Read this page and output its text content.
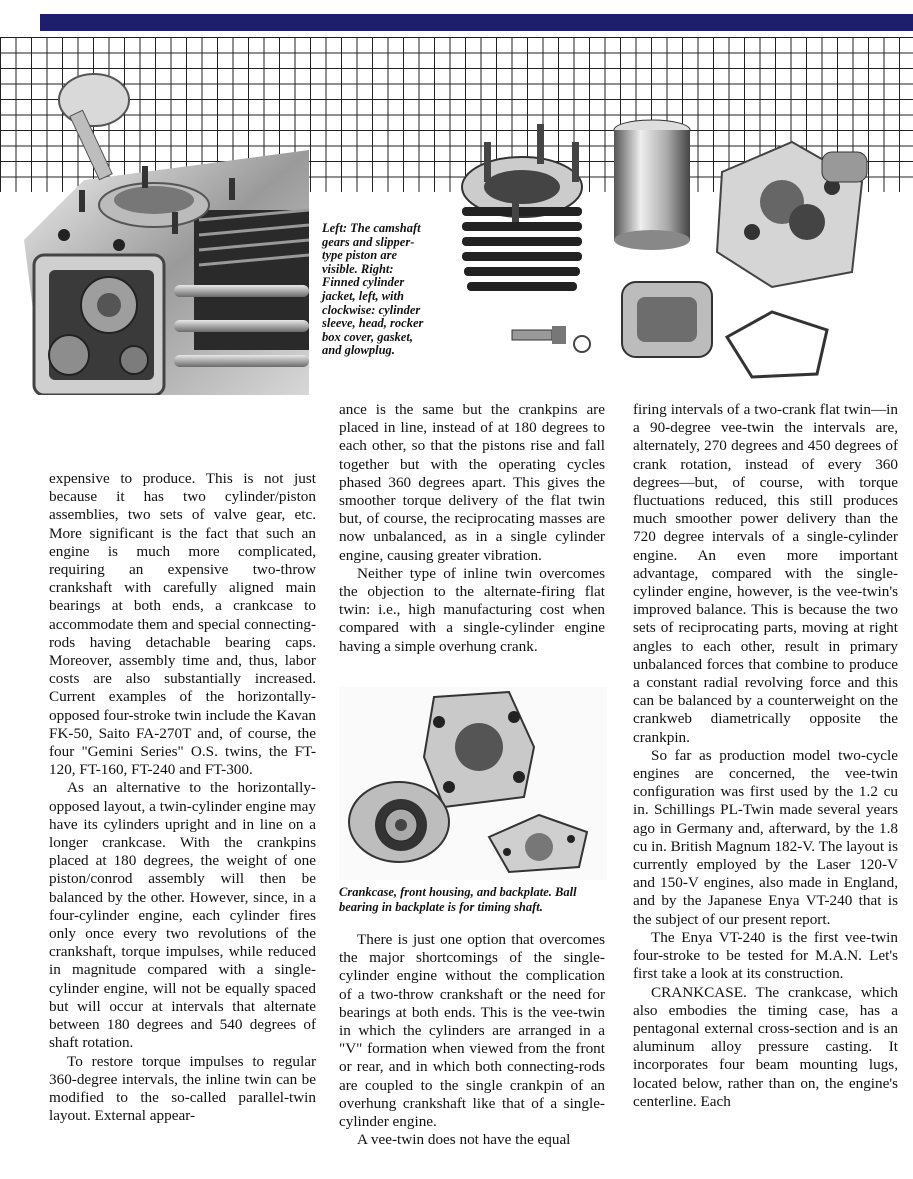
Left: The camshaft gears and slipper-type piston are visible. Right: Finned cylinder jacket, left, with clockwise: cylinder sleeve, head, rocker box cover, gasket, and glowplug.
Crankcase, front housing, and backplate. Ball bearing in backplate is for timing shaft.

expensive to produce. This is not just because it has two cylinder/piston assemblies, two sets of valve gear, etc. More significant is the fact that such an engine is much more complicated, requiring an expensive two-throw crankshaft with carefully aligned main bearings at both ends, a crankcase to accommodate them and special connecting-rods having detachable bearing caps. Moreover, assembly time and, thus, labor costs are also substantially increased. Current examples of the horizontally-opposed four-stroke twin include the Kavan FK-50, Saito FA-270T and, of course, the four "Gemini Series" O.S. twins, the FT-120, FT-160, FT-240 and FT-300.

As an alternative to the horizontally-opposed layout, a twin-cylinder engine may have its cylinders upright and in line on a longer crankcase. With the crankpins placed at 180 degrees, the weight of one piston/conrod assembly will then be balanced by the other. However, since, in a four-cylinder engine, each cylinder fires only once every two revolutions of the crankshaft, torque impulses, while reduced in magnitude compared with a single-cylinder engine, will not be equally spaced but will occur at intervals that alternate between 180 degrees and 540 degrees of shaft rotation.

To restore torque impulses to regular 360-degree intervals, the inline twin can be modified to the so-called parallel-twin layout. External appear-

ance is the same but the crankpins are placed in line, instead of at 180 degrees to each other, so that the pistons rise and fall together but with the operating cycles phased 360 degrees apart. This gives the smoother torque delivery of the flat twin but, of course, the reciprocating masses are now unbalanced, as in a single cylinder engine, causing greater vibration.

Neither type of inline twin overcomes the objection to the alternate-firing flat twin: i.e., high manufacturing cost when compared with a single-cylinder engine having a simple overhung crank.

There is just one option that overcomes the major shortcomings of the single-cylinder engine without the complication of a two-throw crankshaft or the need for bearings at both ends. This is the vee-twin in which the cylinders are arranged in a "V" formation when viewed from the front or rear, and in which both connecting-rods are coupled to the single crankpin of an overhung crankshaft like that of a single-cylinder engine.

A vee-twin does not have the equal

firing intervals of a two-crank flat twin—in a 90-degree vee-twin the intervals are, alternately, 270 degrees and 450 degrees of crank rotation, instead of every 360 degrees—but, of course, with torque fluctuations reduced, this still produces much smoother power delivery than the 720 degree intervals of a single-cylinder engine. An even more important advantage, compared with the single-cylinder engine, however, is the vee-twin's improved balance. This is because the two sets of reciprocating parts, moving at right angles to each other, result in primary unbalanced forces that combine to produce a constant radial revolving force and this can be balanced by a counterweight on the crankweb diametrically opposite the crankpin.

So far as production model two-cycle engines are concerned, the vee-twin configuration was first used by the 1.2 cu in. Schillings PL-Twin made several years ago in Germany and, afterward, by the 1.8 cu in. British Magnum 182-V. The layout is currently employed by the Laser 120-V and 150-V engines, also made in England, and by the Japanese Enya VT-240 that is the subject of our present report.

The Enya VT-240 is the first vee-twin four-stroke to be tested for M.A.N. Let's first take a look at its construction.

CRANKCASE. The crankcase, which also embodies the timing case, has a pentagonal external cross-section and is an aluminum alloy pressure casting. It incorporates four beam mounting lugs, located below, rather than on, the engine's centerline. Each
